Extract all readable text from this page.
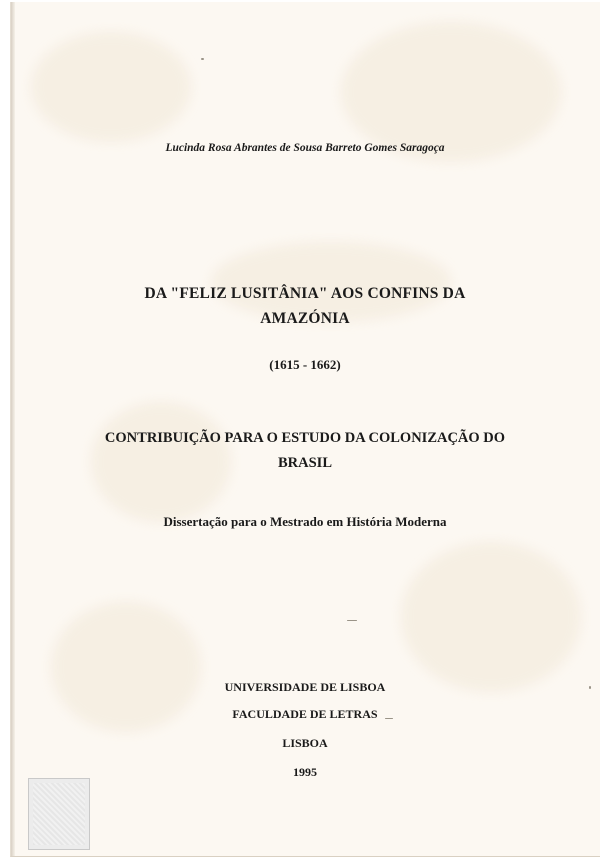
Lucinda Rosa Abrantes de Sousa Barreto Gomes Saragoça

DA "FELIZ LUSITÂNIA" AOS CONFINS DA

AMAZÓNIA

(1615 - 1662)

CONTRIBUIÇÃO PARA O ESTUDO DA COLONIZAÇÃO DO

BRASIL

Dissertação para o Mestrado em História Moderna

UNIVERSIDADE DE LISBOA

FACULDADE DE LETRAS

LISBOA

1995
